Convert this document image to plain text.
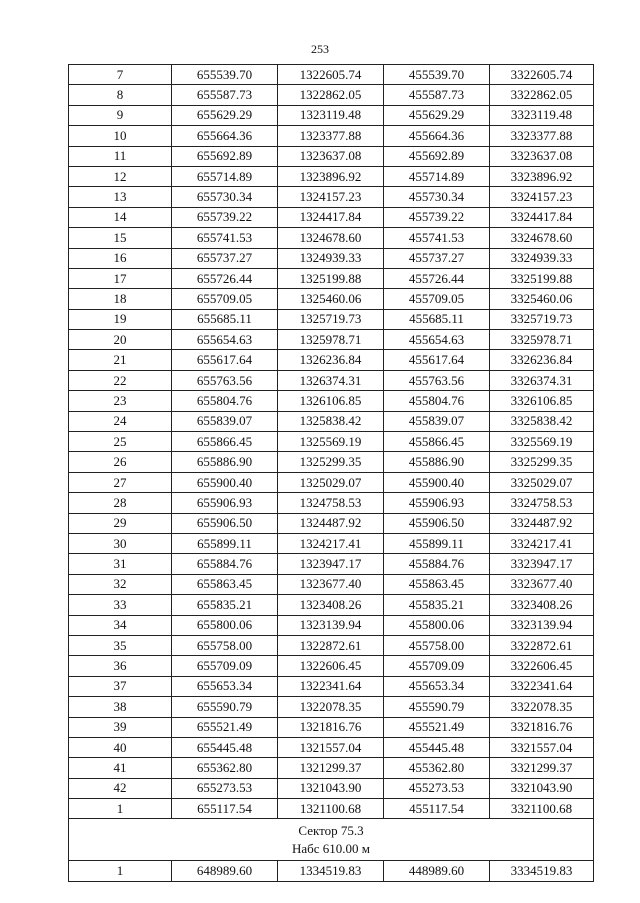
253
7	655539.70	1322605.74	455539.70	3322605.74
8	655587.73	1322862.05	455587.73	3322862.05
9	655629.29	1323119.48	455629.29	3323119.48
10	655664.36	1323377.88	455664.36	3323377.88
11	655692.89	1323637.08	455692.89	3323637.08
12	655714.89	1323896.92	455714.89	3323896.92
13	655730.34	1324157.23	455730.34	3324157.23
14	655739.22	1324417.84	455739.22	3324417.84
15	655741.53	1324678.60	455741.53	3324678.60
16	655737.27	1324939.33	455737.27	3324939.33
17	655726.44	1325199.88	455726.44	3325199.88
18	655709.05	1325460.06	455709.05	3325460.06
19	655685.11	1325719.73	455685.11	3325719.73
20	655654.63	1325978.71	455654.63	3325978.71
21	655617.64	1326236.84	455617.64	3326236.84
22	655763.56	1326374.31	455763.56	3326374.31
23	655804.76	1326106.85	455804.76	3326106.85
24	655839.07	1325838.42	455839.07	3325838.42
25	655866.45	1325569.19	455866.45	3325569.19
26	655886.90	1325299.35	455886.90	3325299.35
27	655900.40	1325029.07	455900.40	3325029.07
28	655906.93	1324758.53	455906.93	3324758.53
29	655906.50	1324487.92	455906.50	3324487.92
30	655899.11	1324217.41	455899.11	3324217.41
31	655884.76	1323947.17	455884.76	3323947.17
32	655863.45	1323677.40	455863.45	3323677.40
33	655835.21	1323408.26	455835.21	3323408.26
34	655800.06	1323139.94	455800.06	3323139.94
35	655758.00	1322872.61	455758.00	3322872.61
36	655709.09	1322606.45	455709.09	3322606.45
37	655653.34	1322341.64	455653.34	3322341.64
38	655590.79	1322078.35	455590.79	3322078.35
39	655521.49	1321816.76	455521.49	3321816.76
40	655445.48	1321557.04	455445.48	3321557.04
41	655362.80	1321299.37	455362.80	3321299.37
42	655273.53	1321043.90	455273.53	3321043.90
1	655117.54	1321100.68	455117.54	3321100.68

Сектор 75.3
Набс 610.00 м				

1	648989.60	1334519.83	448989.60	3334519.83
